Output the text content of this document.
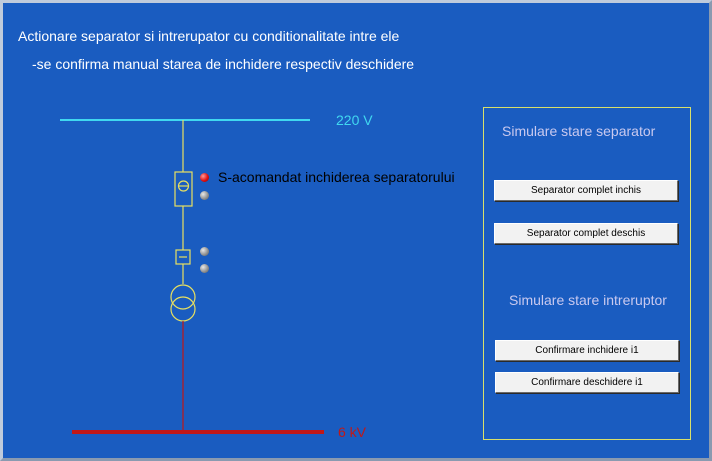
Actionare separator si intrerupator cu conditionalitate intre ele
-se confirma manual starea de inchidere respectiv deschidere
220 V
6 kV
S-acomandat inchiderea separatorului
Simulare stare separator
Separator complet inchis
Separator complet deschis
Simulare stare intreruptor
Confirmare inchidere i1
Confirmare deschidere i1
